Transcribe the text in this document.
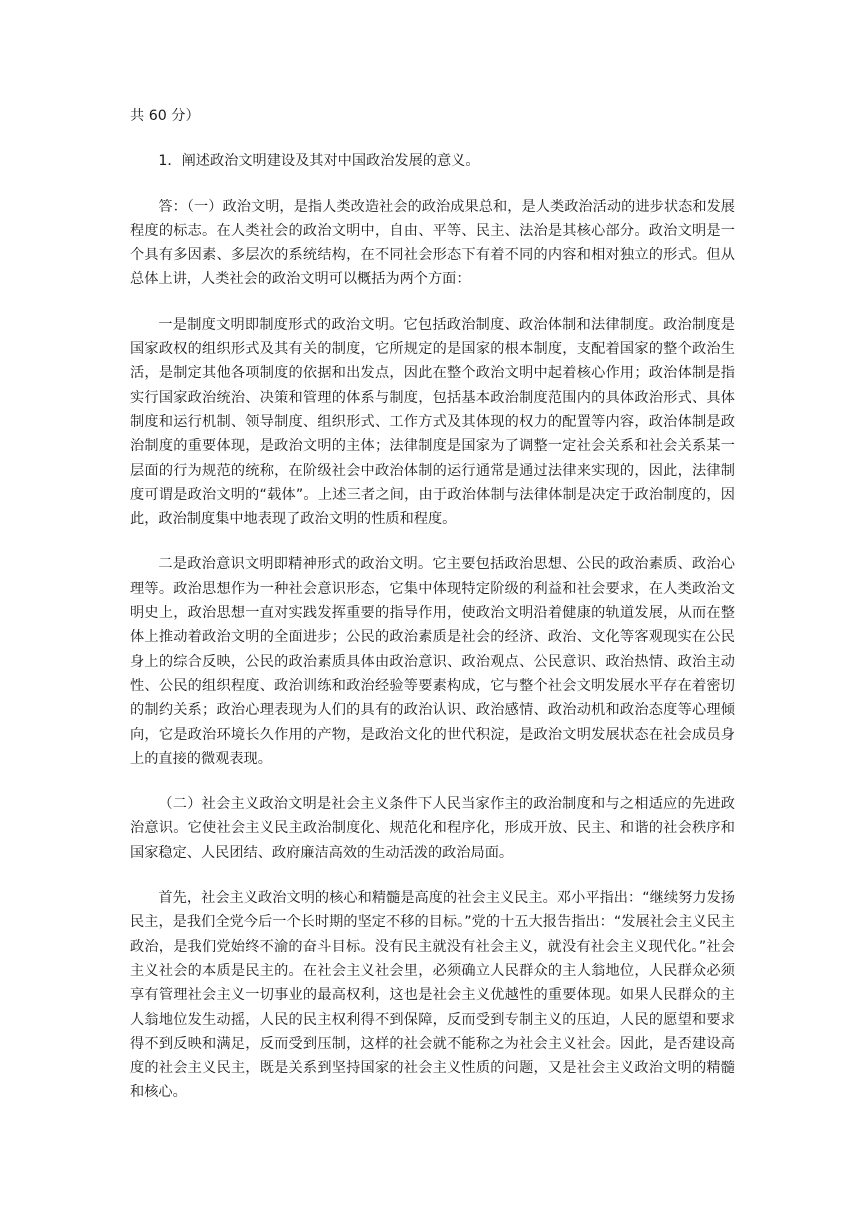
共 60 分）

1．阐述政治文明建设及其对中国政治发展的意义。

答：（一）政治文明，是指人类改造社会的政治成果总和，是人类政治活动的进步状态和发展程度的标志。在人类社会的政治文明中，自由、平等、民主、法治是其核心部分。政治文明是一个具有多因素、多层次的系统结构，在不同社会形态下有着不同的内容和相对独立的形式。但从总体上讲，人类社会的政治文明可以概括为两个方面：

一是制度文明即制度形式的政治文明。它包括政治制度、政治体制和法律制度。政治制度是国家政权的组织形式及其有关的制度，它所规定的是国家的根本制度，支配着国家的整个政治生活，是制定其他各项制度的依据和出发点，因此在整个政治文明中起着核心作用；政治体制是指实行国家政治统治、决策和管理的体系与制度，包括基本政治制度范围内的具体政治形式、具体制度和运行机制、领导制度、组织形式、工作方式及其体现的权力的配置等内容，政治体制是政治制度的重要体现，是政治文明的主体；法律制度是国家为了调整一定社会关系和社会关系某一层面的行为规范的统称，在阶级社会中政治体制的运行通常是通过法律来实现的，因此，法律制度可谓是政治文明的“载体”。上述三者之间，由于政治体制与法律体制是决定于政治制度的，因此，政治制度集中地表现了政治文明的性质和程度。

二是政治意识文明即精神形式的政治文明。它主要包括政治思想、公民的政治素质、政治心理等。政治思想作为一种社会意识形态，它集中体现特定阶级的利益和社会要求，在人类政治文明史上，政治思想一直对实践发挥重要的指导作用，使政治文明沿着健康的轨道发展，从而在整体上推动着政治文明的全面进步；公民的政治素质是社会的经济、政治、文化等客观现实在公民身上的综合反映，公民的政治素质具体由政治意识、政治观点、公民意识、政治热情、政治主动性、公民的组织程度、政治训练和政治经验等要素构成，它与整个社会文明发展水平存在着密切的制约关系；政治心理表现为人们的具有的政治认识、政治感情、政治动机和政治态度等心理倾向，它是政治环境长久作用的产物，是政治文化的世代积淀，是政治文明发展状态在社会成员身上的直接的微观表现。

（二）社会主义政治文明是社会主义条件下人民当家作主的政治制度和与之相适应的先进政治意识。它使社会主义民主政治制度化、规范化和程序化，形成开放、民主、和谐的社会秩序和国家稳定、人民团结、政府廉洁高效的生动活泼的政治局面。

首先，社会主义政治文明的核心和精髓是高度的社会主义民主。邓小平指出：“继续努力发扬民主，是我们全党今后一个长时期的坚定不移的目标。”党的十五大报告指出：“发展社会主义民主政治，是我们党始终不渝的奋斗目标。没有民主就没有社会主义，就没有社会主义现代化。”社会主义社会的本质是民主的。在社会主义社会里，必须确立人民群众的主人翁地位，人民群众必须享有管理社会主义一切事业的最高权利，这也是社会主义优越性的重要体现。如果人民群众的主人翁地位发生动摇，人民的民主权利得不到保障，反而受到专制主义的压迫，人民的愿望和要求得不到反映和满足，反而受到压制，这样的社会就不能称之为社会主义社会。因此，是否建设高度的社会主义民主，既是关系到坚持国家的社会主义性质的问题，又是社会主义政治文明的精髓和核心。
